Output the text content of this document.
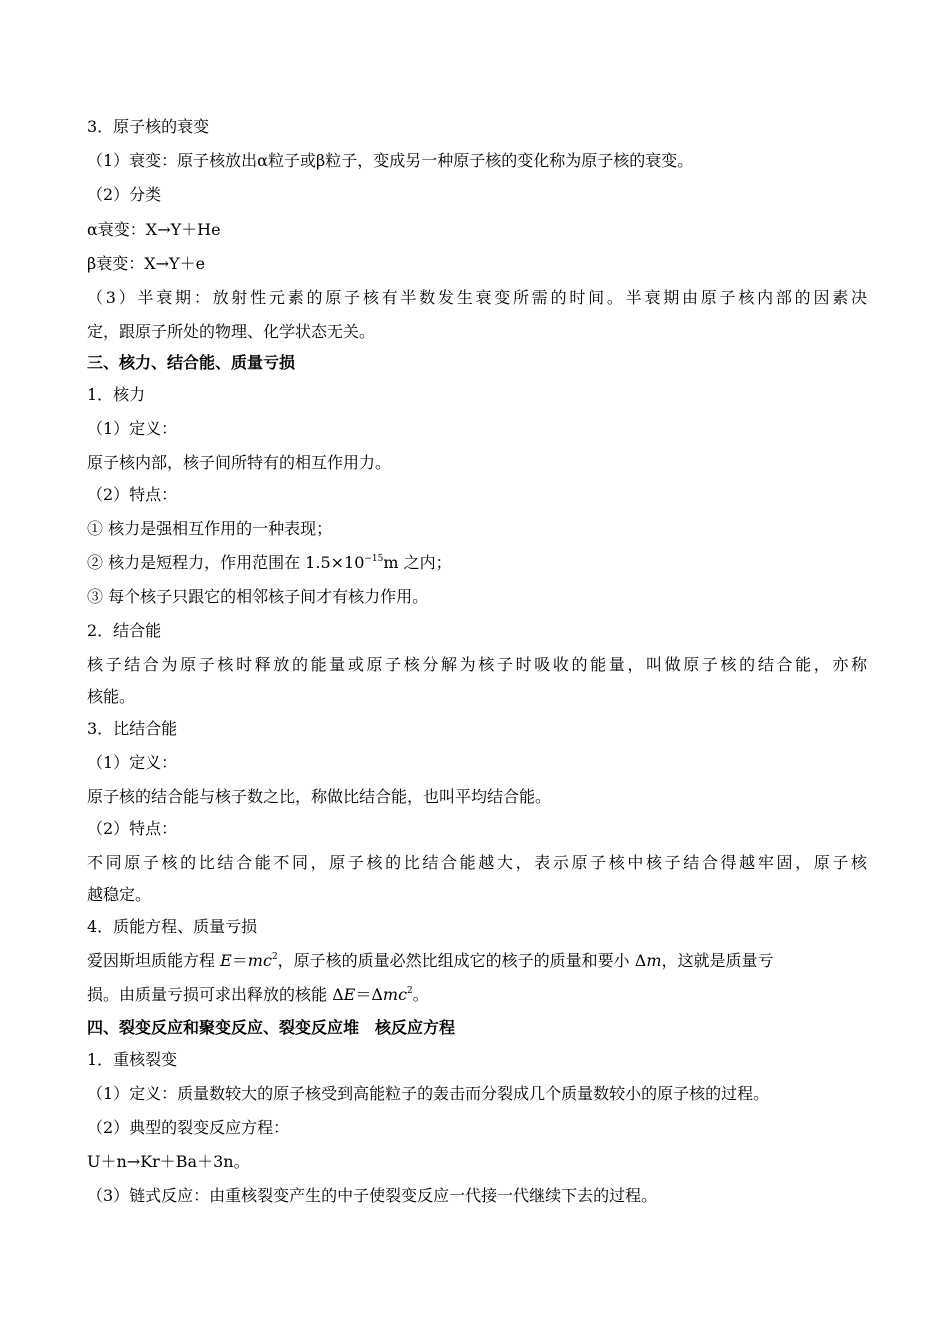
3．原子核的衰变
（1）衰变：原子核放出α粒子或β粒子，变成另一种原子核的变化称为原子核的衰变。
（2）分类
α衰变：X→Y＋He
β衰变：X→Y＋e
（3）半衰期：放射性元素的原子核有半数发生衰变所需的时间。半衰期由原子核内部的因素决
定，跟原子所处的物理、化学状态无关。
三、核力、结合能、质量亏损
1．核力
（1）定义：
原子核内部，核子间所特有的相互作用力。
（2）特点：
① 核力是强相互作用的一种表现；
② 核力是短程力，作用范围在 $1.5\times 10^{-15}m$ 之内；
③ 每个核子只跟它的相邻核子间才有核力作用。
2．结合能
核子结合为原子核时释放的能量或原子核分解为核子时吸收的能量，叫做原子核的结合能，亦称
核能。
3．比结合能
（1）定义：
原子核的结合能与核子数之比，称做比结合能，也叫平均结合能。
（2）特点：
不同原子核的比结合能不同，原子核的比结合能越大，表示原子核中核子结合得越牢固，原子核
越稳定。
4．质能方程、质量亏损
爱因斯坦质能方程 $E=mc^2$，原子核的质量必然比组成它的核子的质量和要小 Δm，这就是质量亏
损。由质量亏损可求出释放的核能 ΔE＝Δmc$^2$。
四、裂变反应和聚变反应、裂变反应堆　核反应方程
1．重核裂变
（1）定义：质量数较大的原子核受到高能粒子的轰击而分裂成几个质量数较小的原子核的过程。
（2）典型的裂变反应方程：
U＋n→Kr＋Ba＋3n。
（3）链式反应：由重核裂变产生的中子使裂变反应一代接一代继续下去的过程。
